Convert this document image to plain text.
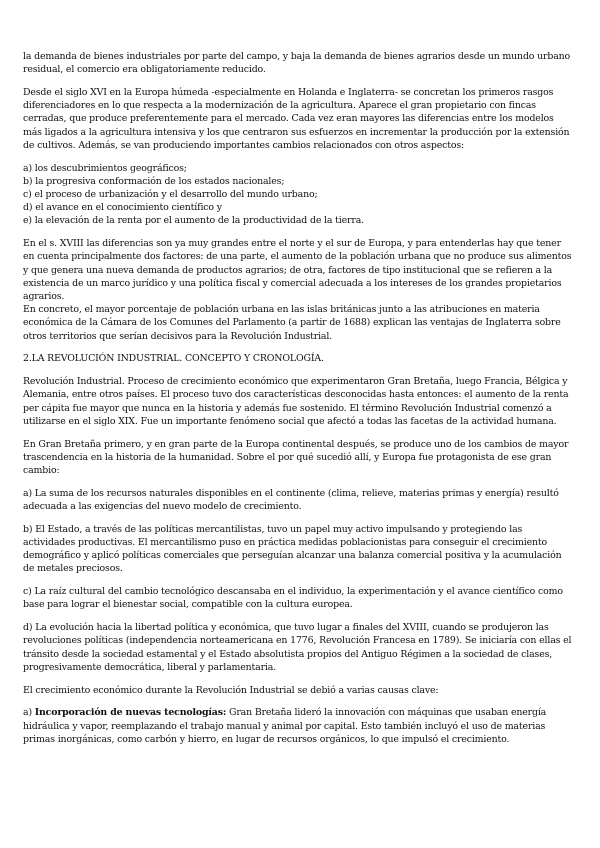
la demanda de bienes industriales por parte del campo, y baja la demanda de bienes agrarios desde un mundo urbano residual, el comercio era obligatoriamente reducido.

Desde el siglo XVI en la Europa húmeda -especialmente en Holanda e Inglaterra- se concretan los primeros rasgos diferenciadores en lo que respecta a la modernización de la agricultura. Aparece el gran propietario con fincas cerradas, que produce preferentemente para el mercado. Cada vez eran mayores las diferencias entre los modelos más ligados a la agricultura intensiva y los que centraron sus esfuerzos en incrementar la producción por la extensión de cultivos. Además, se van produciendo importantes cambios relacionados con otros aspectos:

a) los descubrimientos geográficos;
b) la progresiva conformación de los estados nacionales;
c) el proceso de urbanización y el desarrollo del mundo urbano;
d) el avance en el conocimiento científico y
e) la elevación de la renta por el aumento de la productividad de la tierra.

En el s. XVIII las diferencias son ya muy grandes entre el norte y el sur de Europa, y para entenderlas hay que tener en cuenta principalmente dos factores: de una parte, el aumento de la población urbana que no produce sus alimentos y que genera una nueva demanda de productos agrarios; de otra, factores de tipo institucional que se refieren a la existencia de un marco jurídico y una política fiscal y comercial adecuada a los intereses de los grandes propietarios agrarios.

En concreto, el mayor porcentaje de población urbana en las islas británicas junto a las atribuciones en materia económica de la Cámara de los Comunes del Parlamento (a partir de 1688) explican las ventajas de Inglaterra sobre otros territorios que serían decisivos para la Revolución Industrial.

2.LA REVOLUCIÓN INDUSTRIAL. CONCEPTO Y CRONOLOGÍA.

Revolución Industrial. Proceso de crecimiento económico que experimentaron Gran Bretaña, luego Francia, Bélgica y Alemania, entre otros países. El proceso tuvo dos características desconocidas hasta entonces: el aumento de la renta per cápita fue mayor que nunca en la historia y además fue sostenido. El término Revolución Industrial comenzó a utilizarse en el siglo XIX. Fue un importante fenómeno social que afectó a todas las facetas de la actividad humana.

En Gran Bretaña primero, y en gran parte de la Europa continental después, se produce uno de los cambios de mayor trascendencia en la historia de la humanidad. Sobre el por qué sucedió allí, y Europa fue protagonista de ese gran cambio:

a) La suma de los recursos naturales disponibles en el continente (clima, relieve, materias primas y energía) resultó adecuada a las exigencias del nuevo modelo de crecimiento.

b) El Estado, a través de las políticas mercantilistas, tuvo un papel muy activo impulsando y protegiendo las actividades productivas. El mercantilismo puso en práctica medidas poblacionistas para conseguir el crecimiento demográfico y aplicó políticas comerciales que perseguían alcanzar una balanza comercial positiva y la acumulación de metales preciosos.

c) La raíz cultural del cambio tecnológico descansaba en el individuo, la experimentación y el avance científico como base para lograr el bienestar social, compatible con la cultura europea.

d) La evolución hacia la libertad política y económica, que tuvo lugar a finales del XVIII, cuando se produjeron las revoluciones políticas (independencia norteamericana en 1776, Revolución Francesa en 1789). Se iniciaría con ellas el tránsito desde la sociedad estamental y el Estado absolutista propios del Antiguo Régimen a la sociedad de clases, progresivamente democrática, liberal y parlamentaria.

El crecimiento económico durante la Revolución Industrial se debió a varias causas clave:

a) Incorporación de nuevas tecnologías: Gran Bretaña lideró la innovación con máquinas que usaban energía hidráulica y vapor, reemplazando el trabajo manual y animal por capital. Esto también incluyó el uso de materias primas inorgánicas, como carbón y hierro, en lugar de recursos orgánicos, lo que impulsó el crecimiento.
